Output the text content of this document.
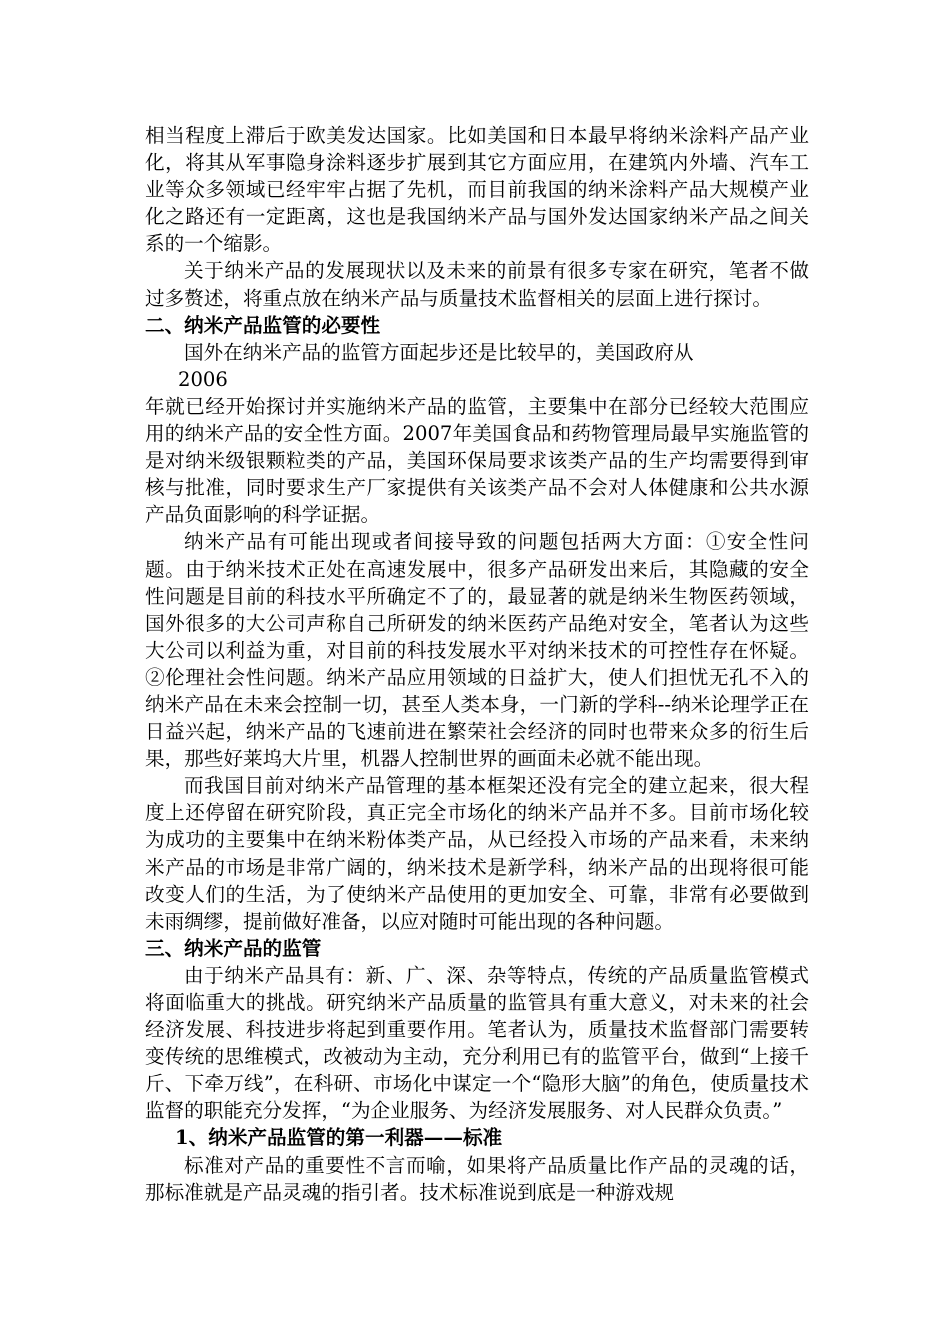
相当程度上滞后于欧美发达国家。比如美国和日本最早将纳米涂料产品产业化，将其从军事隐身涂料逐步扩展到其它方面应用，在建筑内外墙、汽车工业等众多领域已经牢牢占据了先机，而目前我国的纳米涂料产品大规模产业化之路还有一定距离，这也是我国纳米产品与国外发达国家纳米产品之间关系的一个缩影。

关于纳米产品的发展现状以及未来的前景有很多专家在研究，笔者不做过多赘述，将重点放在纳米产品与质量技术监督相关的层面上进行探讨。

二、纳米产品监管的必要性

国外在纳米产品的监管方面起步还是比较早的，美国政府从

2006

年就已经开始探讨并实施纳米产品的监管，主要集中在部分已经较大范围应用的纳米产品的安全性方面。2007年美国食品和药物管理局最早实施监管的是对纳米级银颗粒类的产品，美国环保局要求该类产品的生产均需要得到审核与批准，同时要求生产厂家提供有关该类产品不会对人体健康和公共水源产品负面影响的科学证据。

纳米产品有可能出现或者间接导致的问题包括两大方面：①安全性问题。由于纳米技术正处在高速发展中，很多产品研发出来后，其隐藏的安全性问题是目前的科技水平所确定不了的，最显著的就是纳米生物医药领域，国外很多的大公司声称自己所研发的纳米医药产品绝对安全，笔者认为这些大公司以利益为重，对目前的科技发展水平对纳米技术的可控性存在怀疑。②伦理社会性问题。纳米产品应用领域的日益扩大，使人们担忧无孔不入的纳米产品在未来会控制一切，甚至人类本身，一门新的学科--纳米论理学正在日益兴起，纳米产品的飞速前进在繁荣社会经济的同时也带来众多的衍生后果，那些好莱坞大片里，机器人控制世界的画面未必就不能出现。

而我国目前对纳米产品管理的基本框架还没有完全的建立起来，很大程度上还停留在研究阶段，真正完全市场化的纳米产品并不多。目前市场化较为成功的主要集中在纳米粉体类产品，从已经投入市场的产品来看，未来纳米产品的市场是非常广阔的，纳米技术是新学科，纳米产品的出现将很可能改变人们的生活，为了使纳米产品使用的更加安全、可靠，非常有必要做到未雨绸缪，提前做好准备，以应对随时可能出现的各种问题。

三、纳米产品的监管

由于纳米产品具有：新、广、深、杂等特点，传统的产品质量监管模式将面临重大的挑战。研究纳米产品质量的监管具有重大意义，对未来的社会经济发展、科技进步将起到重要作用。笔者认为，质量技术监督部门需要转变传统的思维模式，改被动为主动，充分利用已有的监管平台，做到“上接千斤、下牵万线”，在科研、市场化中谋定一个“隐形大脑”的角色，使质量技术监督的职能充分发挥，“为企业服务、为经济发展服务、对人民群众负责。”

1、纳米产品监管的第一利器——标准

标准对产品的重要性不言而喻，如果将产品质量比作产品的灵魂的话，那标准就是产品灵魂的指引者。技术标准说到底是一种游戏规
